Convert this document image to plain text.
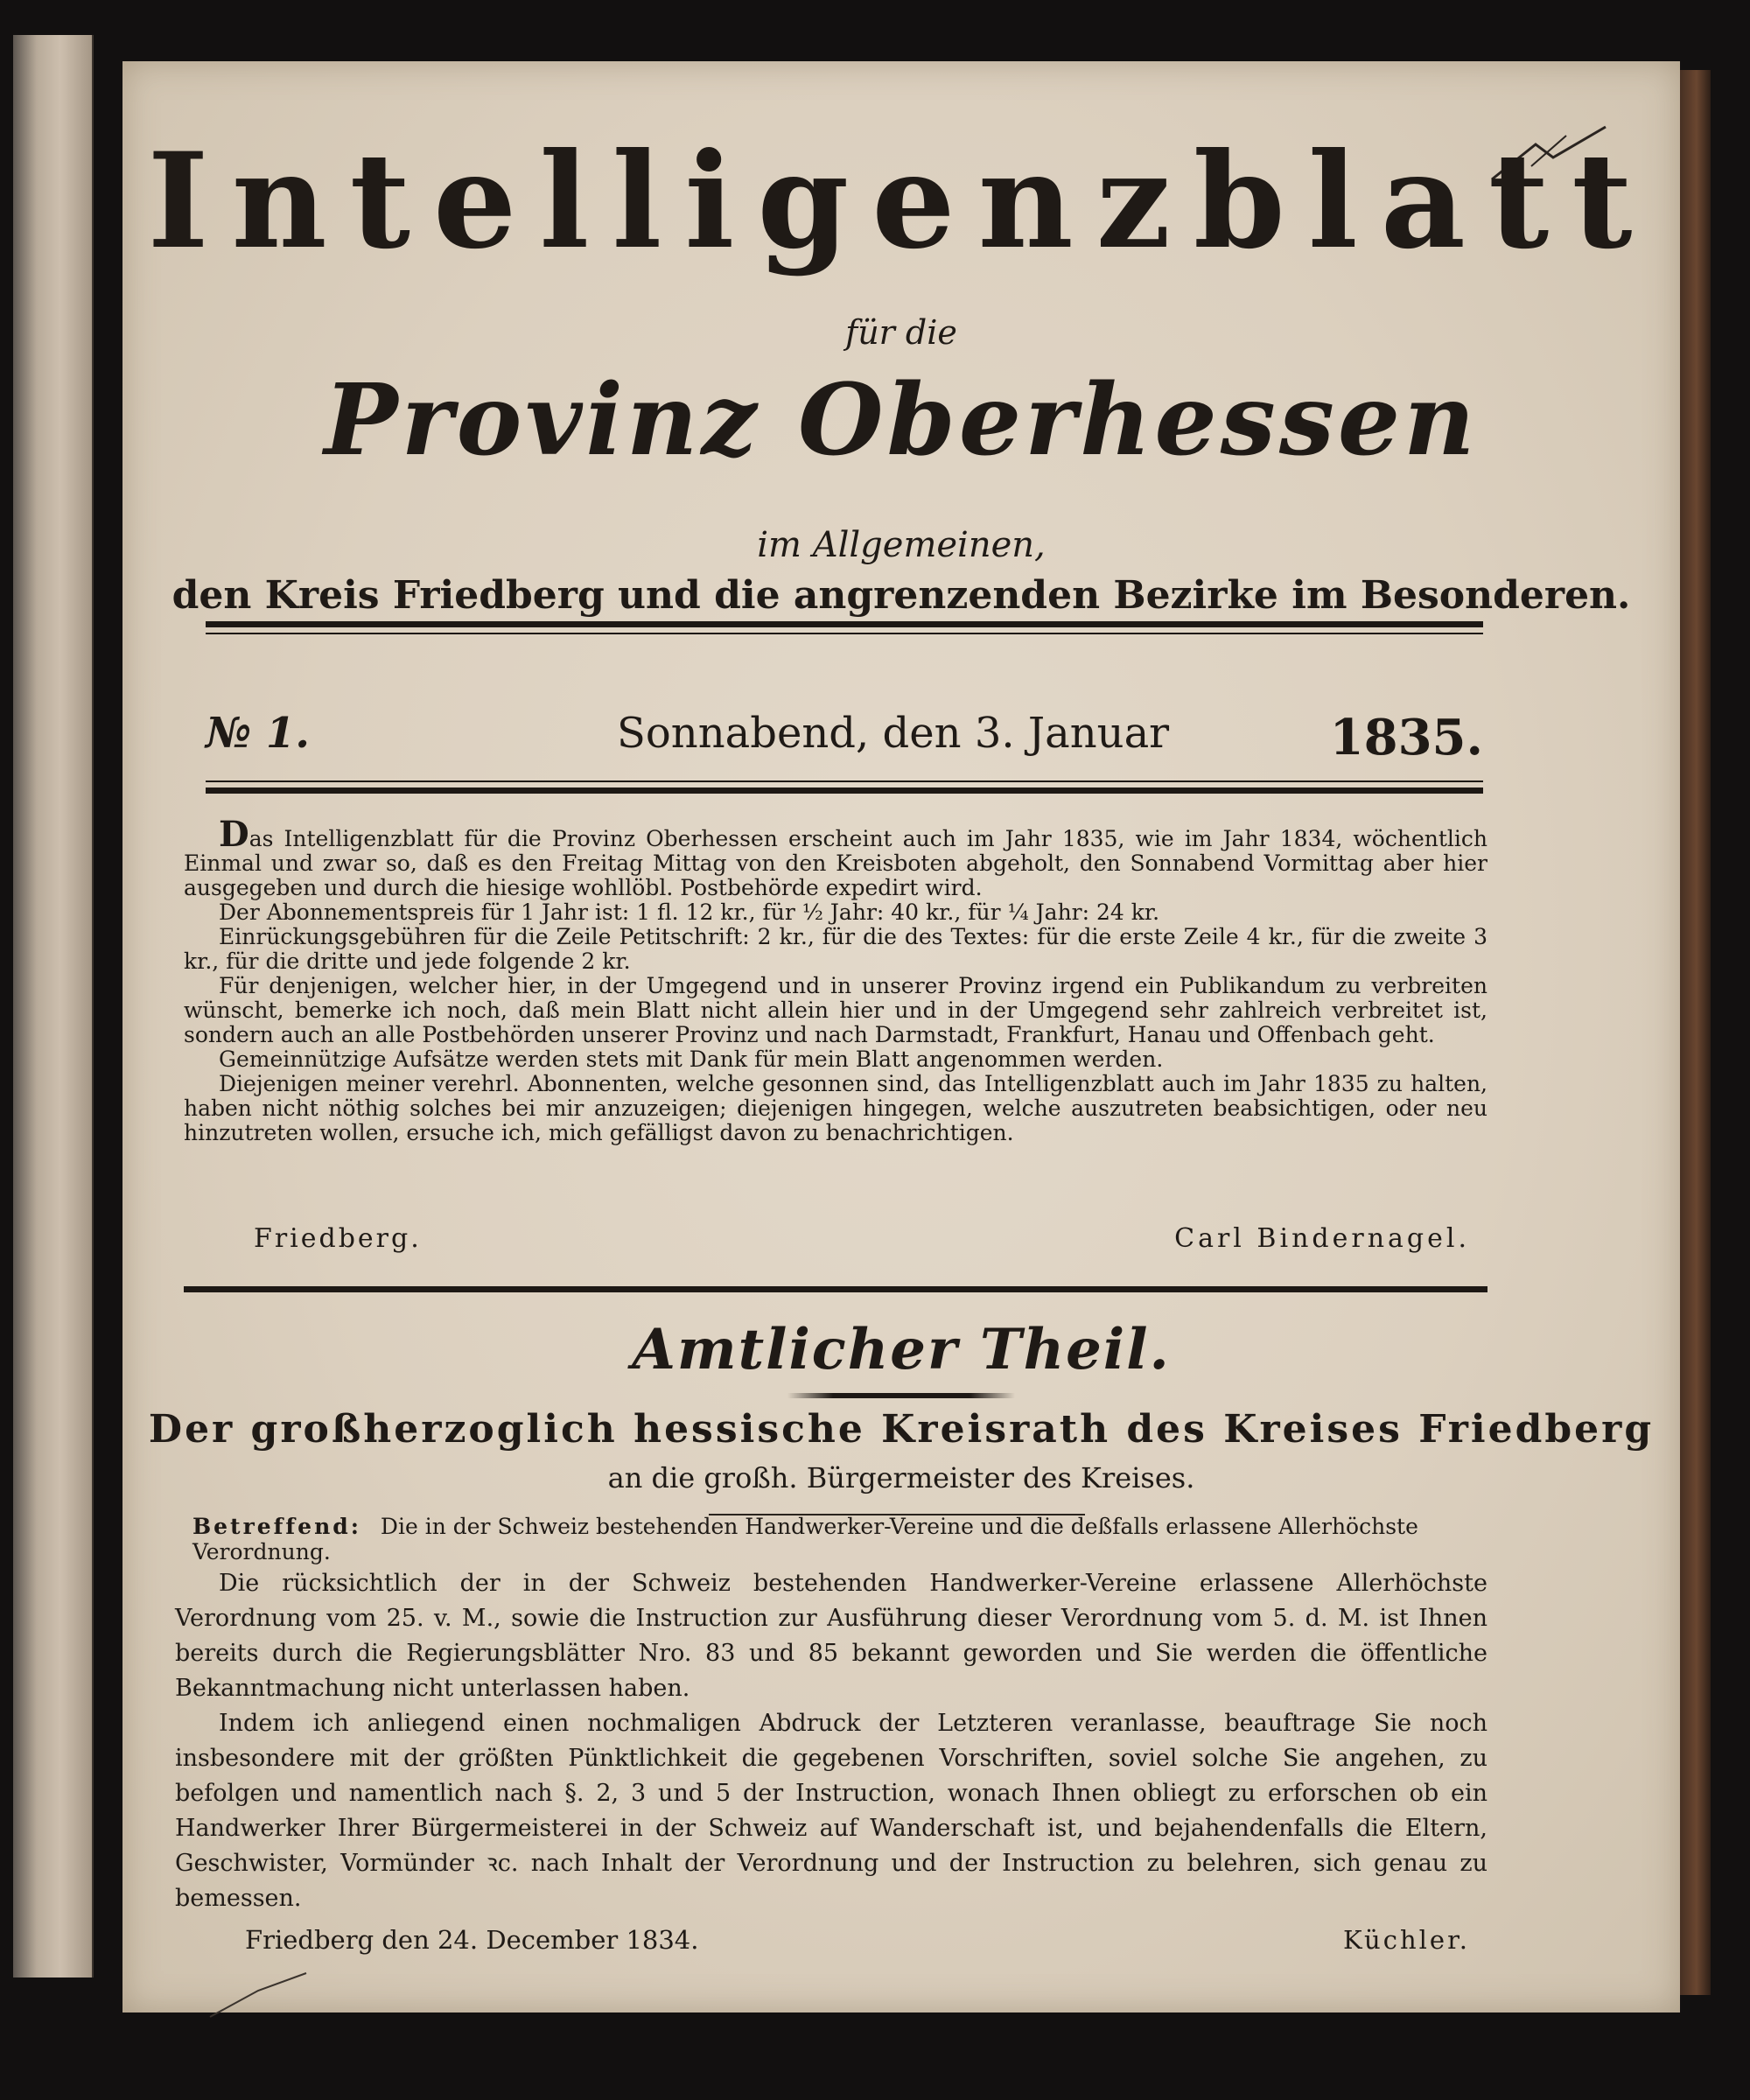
Intelligenzblatt
für die
Provinz Oberhessen
im Allgemeinen,
den Kreis Friedberg und die angrenzenden Bezirke im Besonderen.
№ 1.	Sonnabend, den 3. Januar	1835.

Das Intelligenzblatt für die Provinz Oberhessen erscheint auch im Jahr 1835, wie im Jahr 1834, wöchentlich Einmal und zwar so, daß es den Freitag Mittag von den Kreisboten abgeholt, den Sonnabend Vormittag aber hier ausgegeben und durch die hiesige wohllöbl. Postbehörde expedirt wird.

Der Abonnementspreis für 1 Jahr ist: 1 fl. 12 kr., für ½ Jahr: 40 kr., für ¼ Jahr: 24 kr.

Einrückungsgebühren für die Zeile Petitschrift: 2 kr., für die des Textes: für die erste Zeile 4 kr., für die zweite 3 kr., für die dritte und jede folgende 2 kr.

Für denjenigen, welcher hier, in der Umgegend und in unserer Provinz irgend ein Publikandum zu verbreiten wünscht, bemerke ich noch, daß mein Blatt nicht allein hier und in der Umgegend sehr zahlreich verbreitet ist, sondern auch an alle Postbehörden unserer Provinz und nach Darmstadt, Frankfurt, Hanau und Offenbach geht.

Gemeinnützige Aufsätze werden stets mit Dank für mein Blatt angenommen werden.

Diejenigen meiner verehrl. Abonnenten, welche gesonnen sind, das Intelligenzblatt auch im Jahr 1835 zu halten, haben nicht nöthig solches bei mir anzuzeigen; diejenigen hingegen, welche auszutreten beabsichtigen, oder neu hinzutreten wollen, ersuche ich, mich gefälligst davon zu benachrichtigen.

Friedberg.	Carl Bindernagel.
Amtlicher Theil.
Der großherzoglich hessische Kreisrath des Kreises Friedberg
an die großh. Bürgermeister des Kreises.
Betreffend: Die in der Schweiz bestehenden Handwerker-Vereine und die deßfalls erlassene Allerhöchste Verordnung.

Die rücksichtlich der in der Schweiz bestehenden Handwerker-Vereine erlassene Allerhöchste Verordnung vom 25. v. M., sowie die Instruction zur Ausführung dieser Verordnung vom 5. d. M. ist Ihnen bereits durch die Regierungsblätter Nro. 83 und 85 bekannt geworden und Sie werden die öffentliche Bekanntmachung nicht unterlassen haben.

Indem ich anliegend einen nochmaligen Abdruck der Letzteren veranlasse, beauftrage Sie noch insbesondere mit der größten Pünktlichkeit die gegebenen Vorschriften, soviel solche Sie angehen, zu befolgen und namentlich nach §. 2, 3 und 5 der Instruction, wonach Ihnen obliegt zu erforschen ob ein Handwerker Ihrer Bürgermeisterei in der Schweiz auf Wanderschaft ist, und bejahendenfalls die Eltern, Geschwister, Vormünder ꝛc. nach Inhalt der Verordnung und der Instruction zu belehren, sich genau zu bemessen.

Friedberg den 24. December 1834.	Küchler.
